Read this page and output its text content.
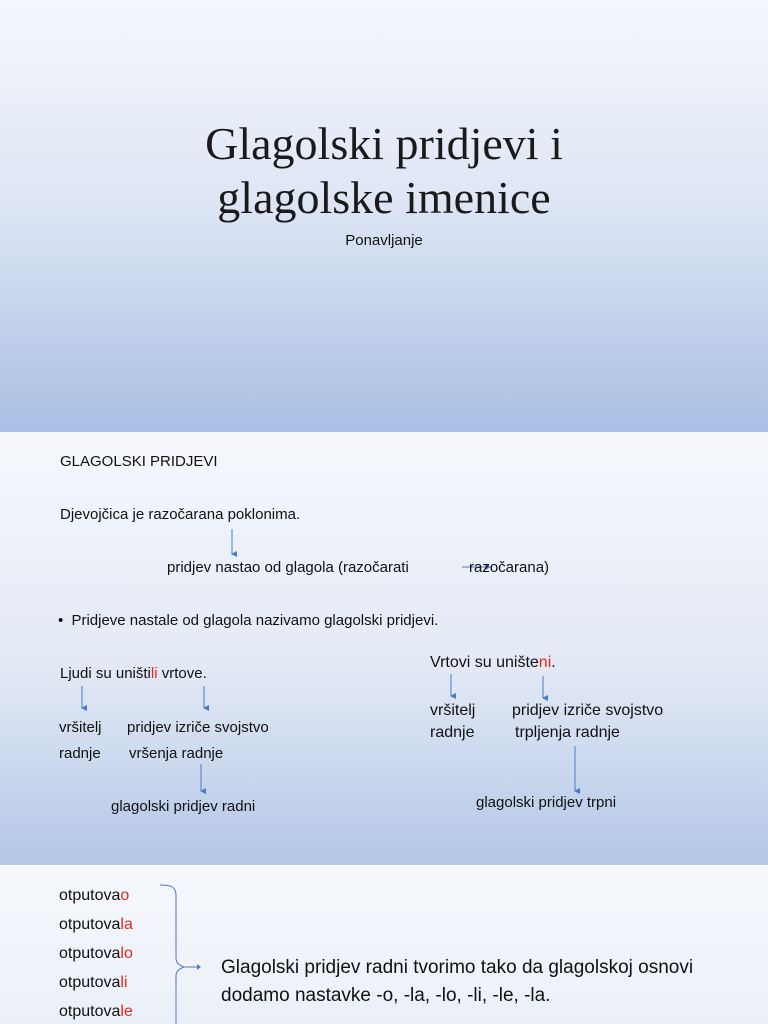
Glagolski pridjevi i
glagolske imenice
Ponavljanje
GLAGOLSKI PRIDJEVI
Djevojčica je razočarana poklonima.
pridjev nastao od glagola (razočarati	razočarana)
• Pridjeve nastale od glagola nazivamo glagolski pridjevi.
Ljudi su uništili vrtove.
vršitelj
radnje
pridjev izriče svojstvo
vršenja radnje
glagolski pridjev radni
Vrtovi su uništeni.
vršitelj
radnje
pridjev izriče svojstvo
trpljenja radnje
glagolski pridjev trpni
otputovao
otputovala
otputovalo
otputovali
otputovale
Glagolski pridjev radni tvorimo tako da glagolskoj osnovi
dodamo nastavke -o, -la, -lo, -li, -le, -la.
